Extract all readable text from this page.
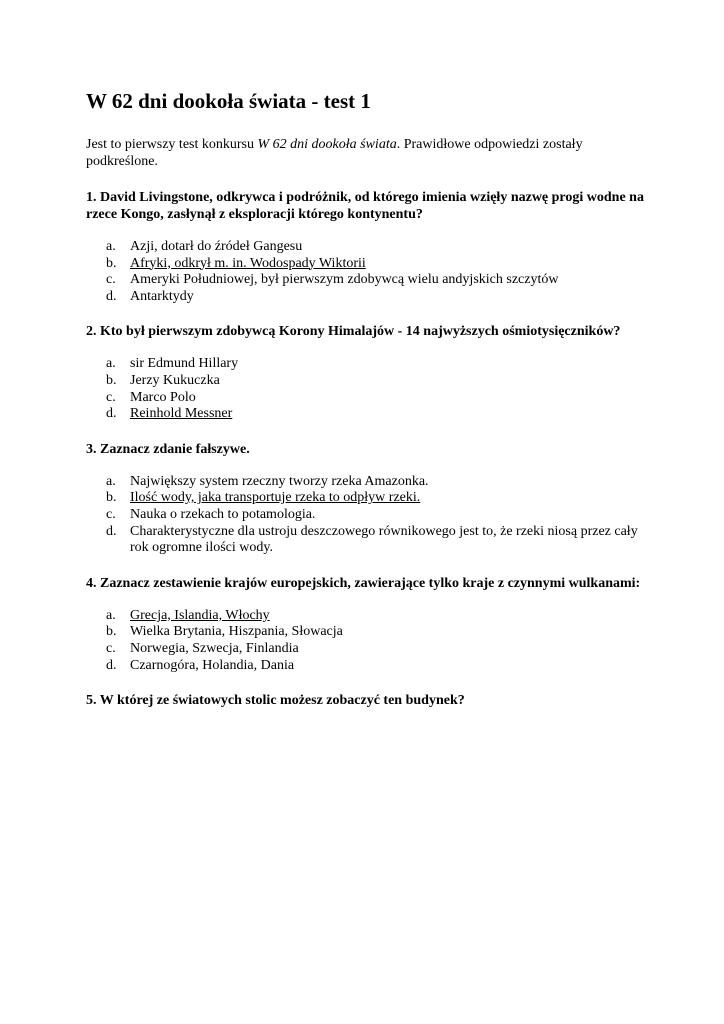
W 62 dni dookoła świata - test 1

Jest to pierwszy test konkursu W 62 dni dookoła świata. Prawidłowe odpowiedzi zostały podkreślone.

1. David Livingstone, odkrywca i podróżnik, od którego imienia wzięły nazwę progi wodne na rzece Kongo, zasłynął z eksploracji którego kontynentu?

a.	Azji, dotarł do źródeł Gangesu
b. Afryki, odkrył m. in. Wodospady Wiktorii
c.	Ameryki Południowej, był pierwszym zdobywcą wielu andyjskich szczytów
d. Antarktydy

2. Kto był pierwszym zdobywcą Korony Himalajów - 14 najwyższych ośmiotysięczników?

a.	sir Edmund Hillary
b. Jerzy Kukuczka
c.	Marco Polo
d. Reinhold Messner

3. Zaznacz zdanie fałszywe.

a.	Największy system rzeczny tworzy rzeka Amazonka.
b. Ilość wody, jaka transportuje rzeka to odpływ rzeki.
c.	Nauka o rzekach to potamologia.
d. Charakterystyczne dla ustroju deszczowego równikowego jest to, że rzeki niosą przez cały rok ogromne ilości wody.

4. Zaznacz zestawienie krajów europejskich, zawierające tylko kraje z czynnymi wulkanami:

a.	Grecja, Islandia, Włochy
b. Wielka Brytania, Hiszpania, Słowacja
c.	Norwegia, Szwecja, Finlandia
d. Czarnogóra, Holandia, Dania

5. W której ze światowych stolic możesz zobaczyć ten budynek?
